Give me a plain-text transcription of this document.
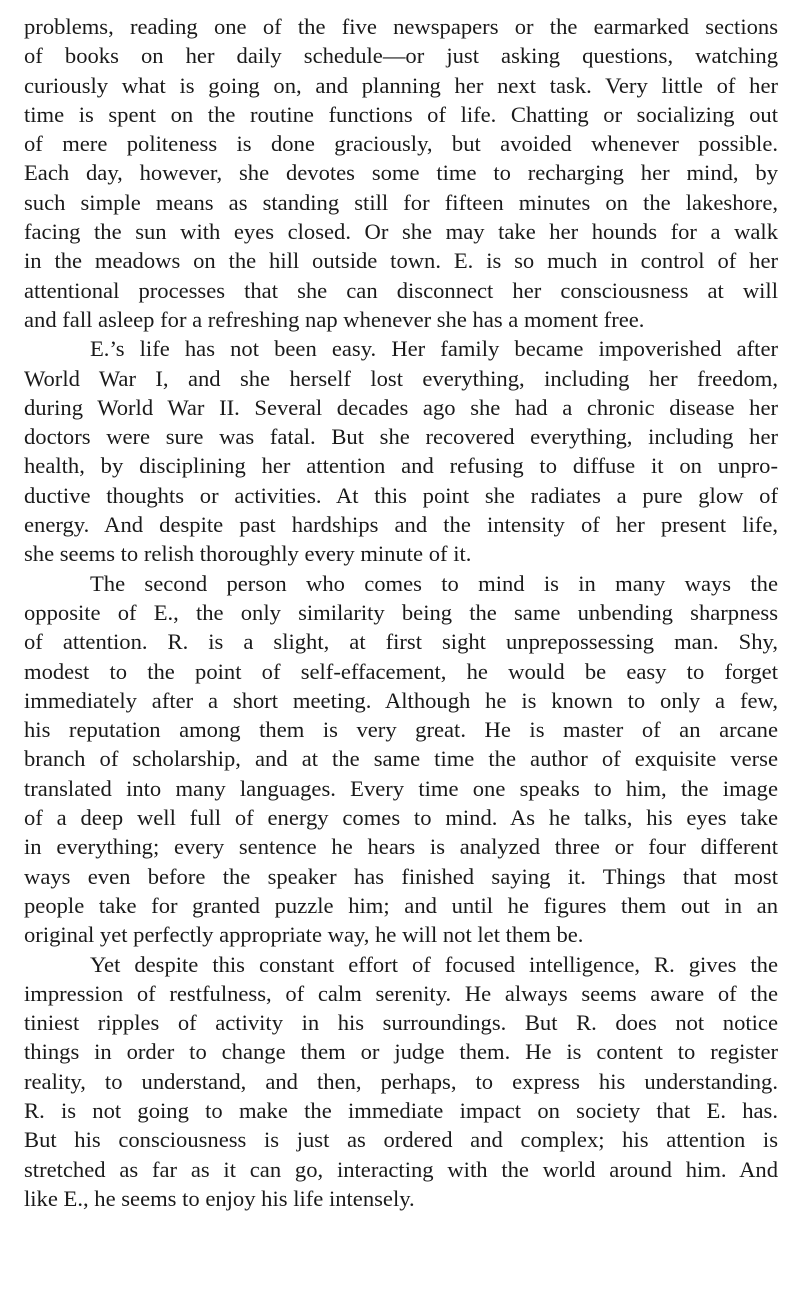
problems, reading one of the five newspapers or the earmarked sections
of books on her daily schedule—or just asking questions, watching
curiously what is going on, and planning her next task. Very little of her
time is spent on the routine functions of life. Chatting or socializing out
of mere politeness is done graciously, but avoided whenever possible.
Each day, however, she devotes some time to recharging her mind, by
such simple means as standing still for fifteen minutes on the lakeshore,
facing the sun with eyes closed. Or she may take her hounds for a walk
in the meadows on the hill outside town. E. is so much in control of her
attentional processes that she can disconnect her consciousness at will
and fall asleep for a refreshing nap whenever she has a moment free.
E.’s life has not been easy. Her family became impoverished after
World War I, and she herself lost everything, including her freedom,
during World War II. Several decades ago she had a chronic disease her
doctors were sure was fatal. But she recovered everything, including her
health, by disciplining her attention and refusing to diffuse it on unpro-
ductive thoughts or activities. At this point she radiates a pure glow of
energy. And despite past hardships and the intensity of her present life,
she seems to relish thoroughly every minute of it.
The second person who comes to mind is in many ways the
opposite of E., the only similarity being the same unbending sharpness
of attention. R. is a slight, at first sight unprepossessing man. Shy,
modest to the point of self-effacement, he would be easy to forget
immediately after a short meeting. Although he is known to only a few,
his reputation among them is very great. He is master of an arcane
branch of scholarship, and at the same time the author of exquisite verse
translated into many languages. Every time one speaks to him, the image
of a deep well full of energy comes to mind. As he talks, his eyes take
in everything; every sentence he hears is analyzed three or four different
ways even before the speaker has finished saying it. Things that most
people take for granted puzzle him; and until he figures them out in an
original yet perfectly appropriate way, he will not let them be.
Yet despite this constant effort of focused intelligence, R. gives the
impression of restfulness, of calm serenity. He always seems aware of the
tiniest ripples of activity in his surroundings. But R. does not notice
things in order to change them or judge them. He is content to register
reality, to understand, and then, perhaps, to express his understanding.
R. is not going to make the immediate impact on society that E. has.
But his consciousness is just as ordered and complex; his attention is
stretched as far as it can go, interacting with the world around him. And
like E., he seems to enjoy his life intensely.
